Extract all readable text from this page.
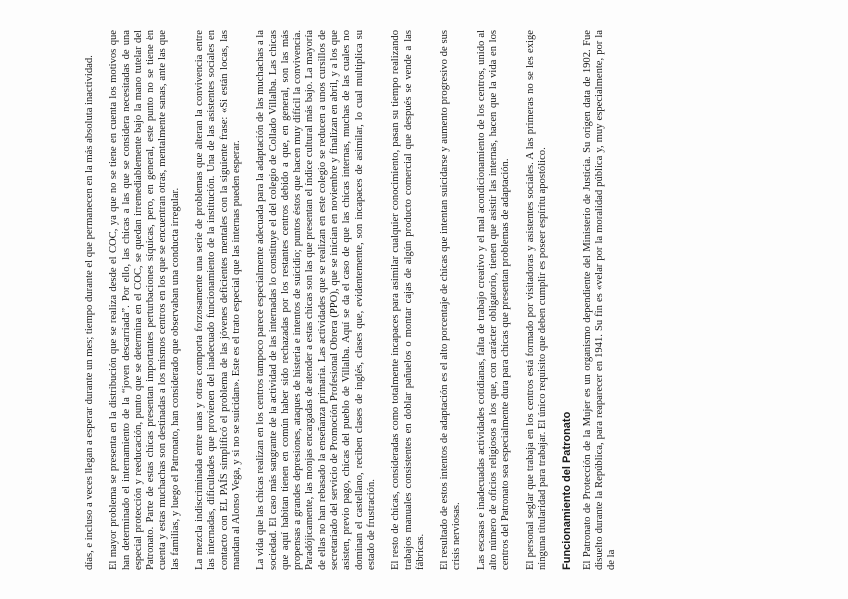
días, e incluso a veces llegan a esperar durante un mes; tiempo durante el que permanecen en la más absoluta inactividad. El mayor problema se presenta en la distribución que se realiza desde el COC, ya que no se tiene en cuenta los motivos que han determinado el internamiento de la “joven descarriada”. Por ello, las chicas a las que se considera necesitadas de una especial protección y reeducación, punto que se determina en el COC, se quedan irremediablemente bajo la mano tutelar del Patronato. Parte de estas chicas presentan importantes perturbaciones síquicas, pero, en general, este punto no se tiene en cuenta y estas muchachas son destinadas a los mismos centros en los que se encuentran otras, mentalmente sanas, ante las que las familias, y luego el Patronato, han considerado que observaban una conducta irregular. La mezcla indiscriminada entre unas y otras comporta forzosamente una serie de problemas que alteran la convivencia entre las internadas, dificultades que provienen del inadecuado funcionamiento de la institución. Una de las asistentes sociales en contacto con EL PAÍS simplificó el problema de las jóvenes deficientes mentales con la siguiente frase: «Si están locas, las mandan al Alonso Vega, y si no se suicidan». Este es el trato especial que las internas pueden esperar. La vida que las chicas realizan en los centros tampoco parece especialmente adecuada para la adaptación de las muchachas a la sociedad. El caso más sangrante de la actividad de las internadas lo constituye el del colegio de Collado Villalba. Las chicas que aquí habitan tienen en común haber sido rechazadas por los restantes centros debido a que, en general, son las más propensas a grandes depresiones, ataques de histeria e intentos de suicidio; puntos éstos que hacen muy difícil la convivencia. Paradójicamente, las monjas encargadas de atender a estas chicas son las que presentan el índice cultural más bajo. La mayoría de ellas no han rebasado la enseñanza primaria. Las actividades que se realizan en este colegio se reducen a unos cursillos de secretariado del servicio de Promoción Profesional Obrera (PPO), que se inician en noviembre y finalizan en abril, y a los que asisten, previo pago, chicas del pueblo de Villalba. Aquí se da el caso de que las chicas internas, muchas de las cuales no dominan el castellano, reciben clases de inglés, clases que, evidentemente, son incapaces de asimilar, lo cual multiplica su estado de frustración. El resto de chicas, consideradas como totalmente incapaces para asimilar cualquier conocimiento, pasan su tiempo realizando trabajos manuales consistentes en doblar pañuelos o montar cajas de algún producto comercial que después se vende a las fábricas. El resultado de estos intentos de adaptación es el alto porcentaje de chicas que intentan suicidarse y aumento progresivo de sus crisis nerviosas. Las escasas e inadecuadas actividades cotidianas, falta de trabajo creativo y el mal acondicionamiento de los centros, unido al alto número de oficios religiosos a los que, con carácter obligatorio, tienen que asistir las internas, hacen que la vida en los centros del Patronato sea especialmente dura para chicas que presentan problemas de adaptación. El personal seglar que trabaja en los centros está formado por visitadoras y asistentes sociales. A las primeras no se les exige ninguna titularidad para trabajar. El único requisito que deben cumplir es poseer espíritu apostólico. Funcionamiento del Patronato El Patronato de Protección de la Mujer es un organismo dependiente del Ministerio de Justicia. Su origen data de 1902. Fue disuelto durante la República, para reaparecer en 1941. Su fin es «velar por la moralidad pública y, muy especialmente, por la de la
